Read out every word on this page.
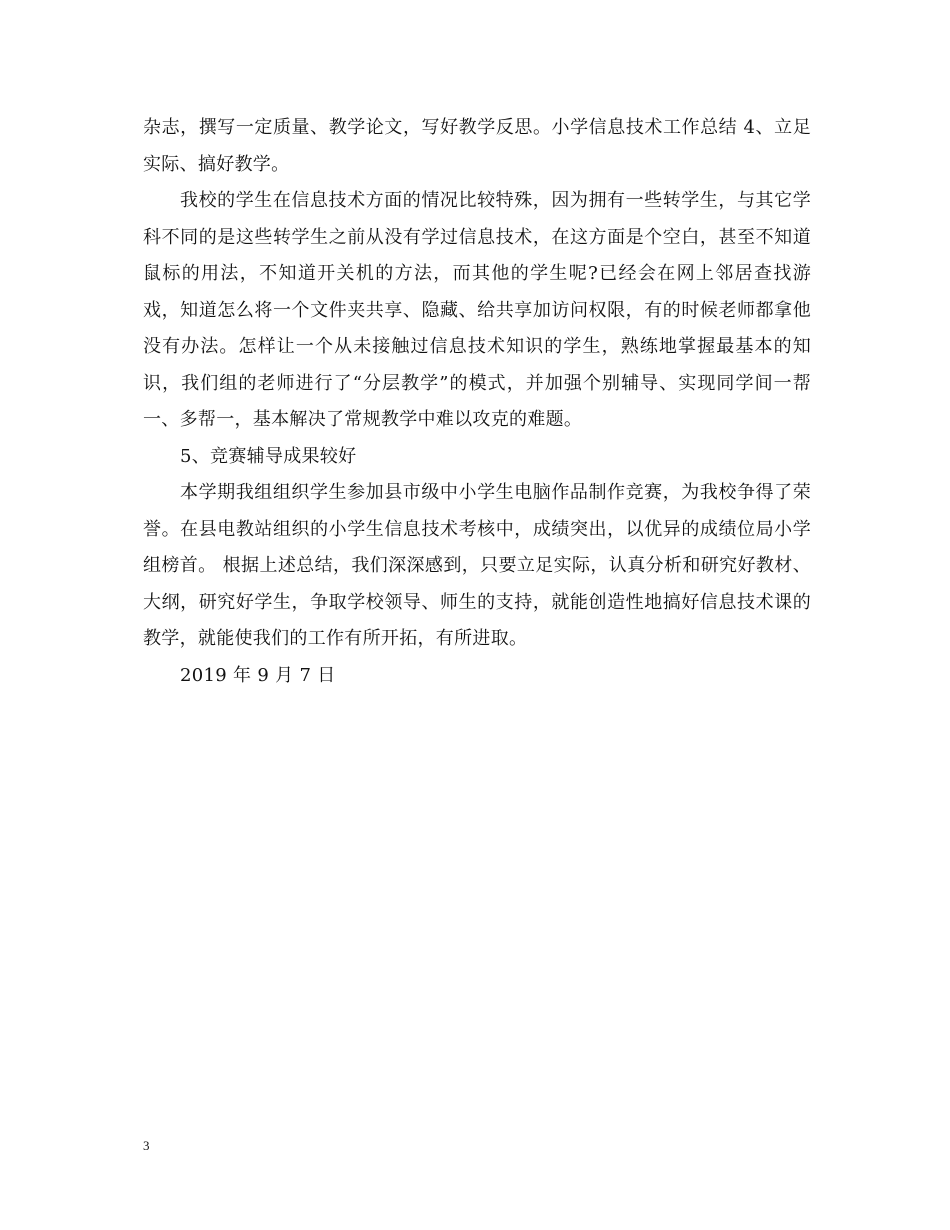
杂志，撰写一定质量、教学论文，写好教学反思。小学信息技术工作总结 4、立足实际、搞好教学。

我校的学生在信息技术方面的情况比较特殊，因为拥有一些转学生，与其它学科不同的是这些转学生之前从没有学过信息技术，在这方面是个空白，甚至不知道鼠标的用法，不知道开关机的方法，而其他的学生呢?已经会在网上邻居查找游戏，知道怎么将一个文件夹共享、隐藏、给共享加访问权限，有的时候老师都拿他没有办法。怎样让一个从未接触过信息技术知识的学生，熟练地掌握最基本的知识，我们组的老师进行了“分层教学”的模式，并加强个别辅导、实现同学间一帮一、多帮一，基本解决了常规教学中难以攻克的难题。

5、竞赛辅导成果较好

本学期我组组织学生参加县市级中小学生电脑作品制作竞赛，为我校争得了荣誉。在县电教站组织的小学生信息技术考核中，成绩突出，以优异的成绩位局小学组榜首。 根据上述总结，我们深深感到，只要立足实际，认真分析和研究好教材、大纲，研究好学生，争取学校领导、师生的支持，就能创造性地搞好信息技术课的教学，就能使我们的工作有所开拓，有所进取。

2019 年 9 月 7 日

3
